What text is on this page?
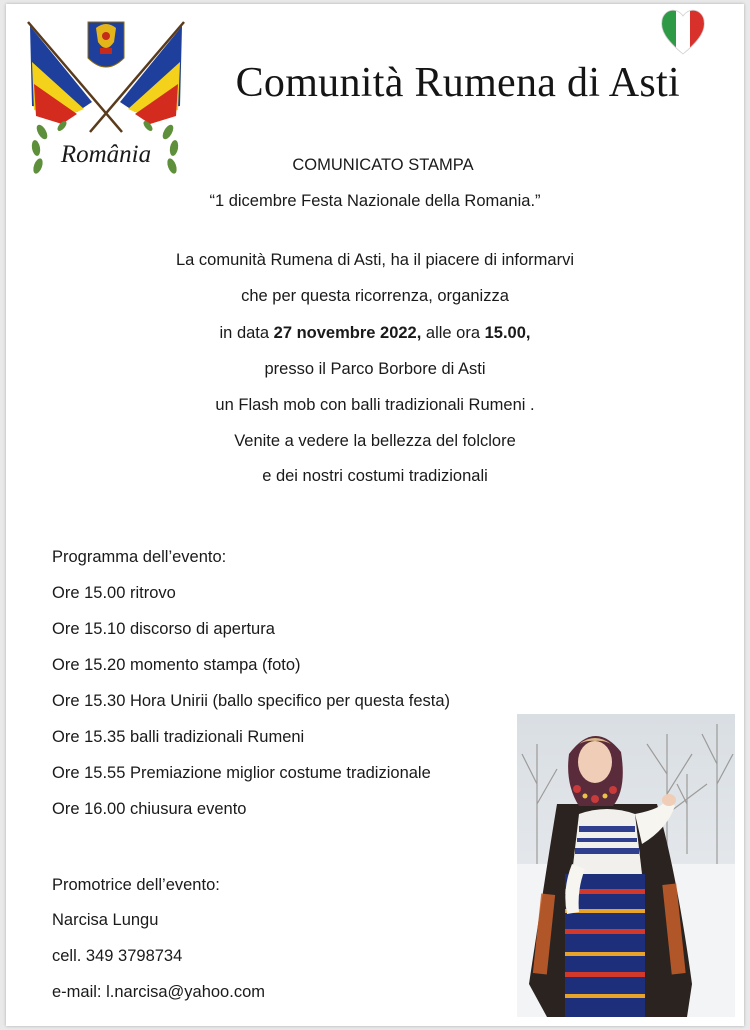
România
Comunità Rumena di Asti
COMUNICATO STAMPA
“1 dicembre Festa Nazionale della Romania.”
La comunità Rumena di Asti, ha il piacere di informarvi
che per questa ricorrenza, organizza
in data 27 novembre 2022, alle ora 15.00,
presso il Parco Borbore di Asti
un Flash mob con balli tradizionali Rumeni .
Venite a vedere la bellezza del folclore
e dei nostri costumi tradizionali
Programma dell’evento:
Ore 15.00 ritrovo
Ore 15.10 discorso di apertura
Ore 15.20 momento stampa (foto)
Ore 15.30 Hora Unirii (ballo specifico per questa festa)
Ore 15.35 balli tradizionali Rumeni
Ore 15.55 Premiazione miglior costume tradizionale
Ore 16.00 chiusura evento
Promotrice dell’evento:
Narcisa Lungu
cell. 349 3798734
e-mail: l.narcisa@yahoo.com
